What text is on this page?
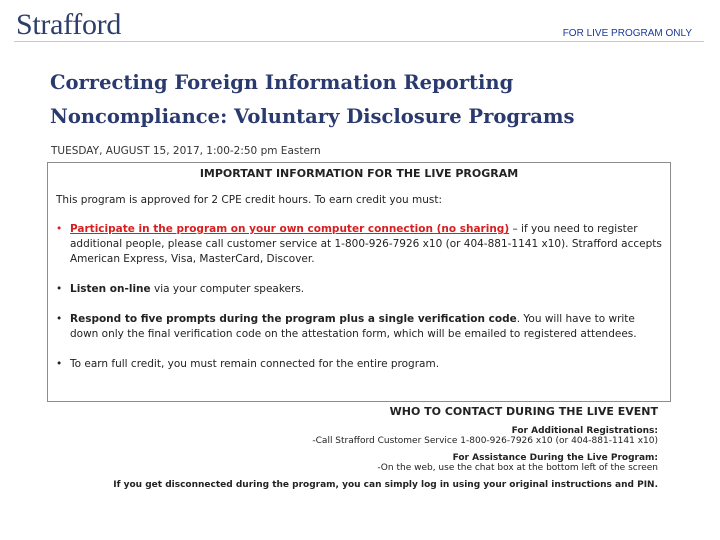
Strafford	FOR LIVE PROGRAM ONLY
Correcting Foreign Information Reporting
Noncompliance: Voluntary Disclosure Programs
TUESDAY, AUGUST 15, 2017, 1:00-2:50 pm Eastern
IMPORTANT INFORMATION FOR THE LIVE PROGRAM
This program is approved for 2 CPE credit hours. To earn credit you must:
• Participate in the program on your own computer connection (no sharing) – if you need to register additional people, please call customer service at 1-800-926-7926 x10 (or 404-881-1141 x10). Strafford accepts American Express, Visa, MasterCard, Discover.
• Listen on-line via your computer speakers.
• Respond to five prompts during the program plus a single verification code. You will have to write down only the final verification code on the attestation form, which will be emailed to registered attendees.
• To earn full credit, you must remain connected for the entire program.
WHO TO CONTACT DURING THE LIVE EVENT
For Additional Registrations:
-Call Strafford Customer Service 1-800-926-7926 x10 (or 404-881-1141 x10)
For Assistance During the Live Program:
-On the web, use the chat box at the bottom left of the screen
If you get disconnected during the program, you can simply log in using your original instructions and PIN.
